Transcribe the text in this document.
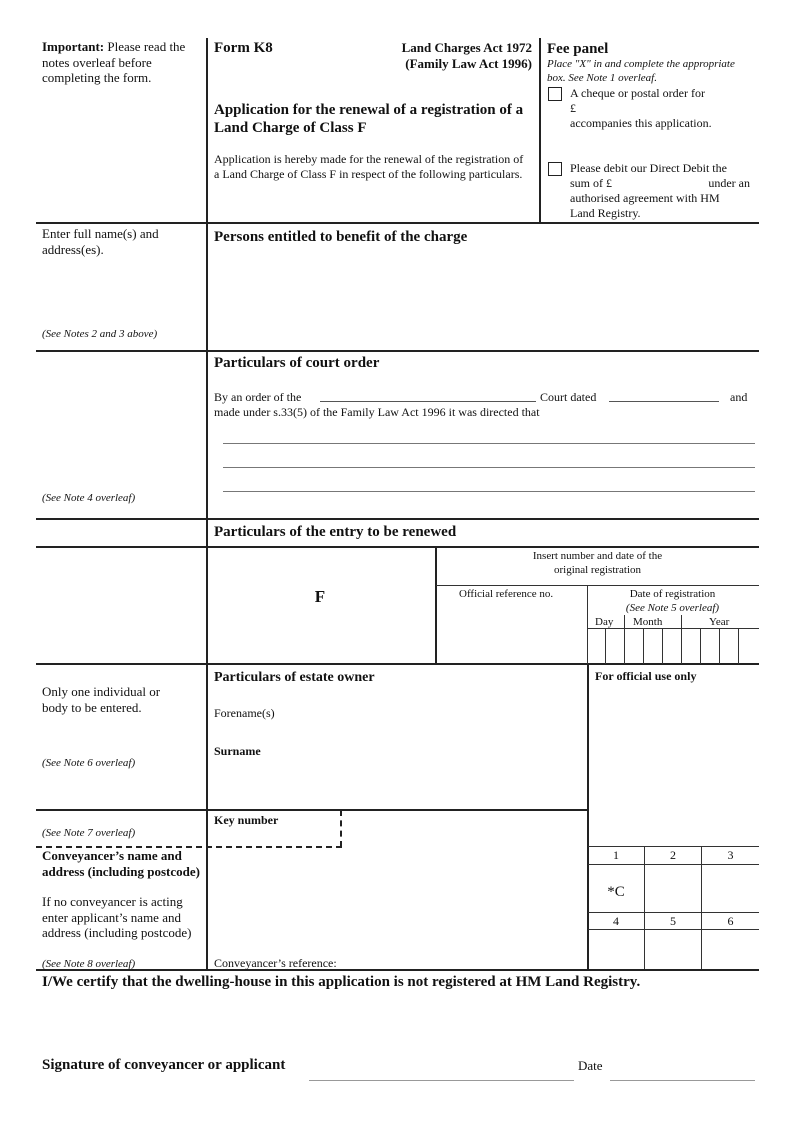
Important: Please read the notes overleaf before completing the form.
Enter full name(s) and address(es).
(See Notes 2 and 3 above)
(See Note 4 overleaf)
Only one individual or body to be entered.
(See Note 6 overleaf)
(See Note 7 overleaf)
Conveyancer’s name and address (including postcode)
If no conveyancer is acting enter applicant’s name and address (including postcode)
(See Note 8 overleaf)
Form K8	Land Charges Act 1972
(Family Law Act 1996)
Application for the renewal of a registration of a Land Charge of Class F
Application is hereby made for the renewal of the registration of a Land Charge of Class F in respect of the following particulars.
Fee panel
Place "X" in and complete the appropriate box. See Note 1 overleaf.
A cheque or postal order for
£
accompanies this application.
Please debit our Direct Debit the
sum of £	under an
authorised agreement with HM
Land Registry.
Persons entitled to benefit of the charge
Particulars of court order
By an order of the	Court dated	and
made under s.33(5) of the Family Law Act 1996 it was directed that
Particulars of the entry to be renewed
F
Insert number and date of the original registration
Official reference no.	Date of registration
(See Note 5 overleaf)
Day Month	Year
Particulars of estate owner
Forename(s)
Surname
Key number
Conveyancer’s reference:
For official use only
1	2	3
*C
4	5	6
I/We certify that the dwelling-house in this application is not registered at HM Land Registry.
Signature of conveyancer or applicant	Date
